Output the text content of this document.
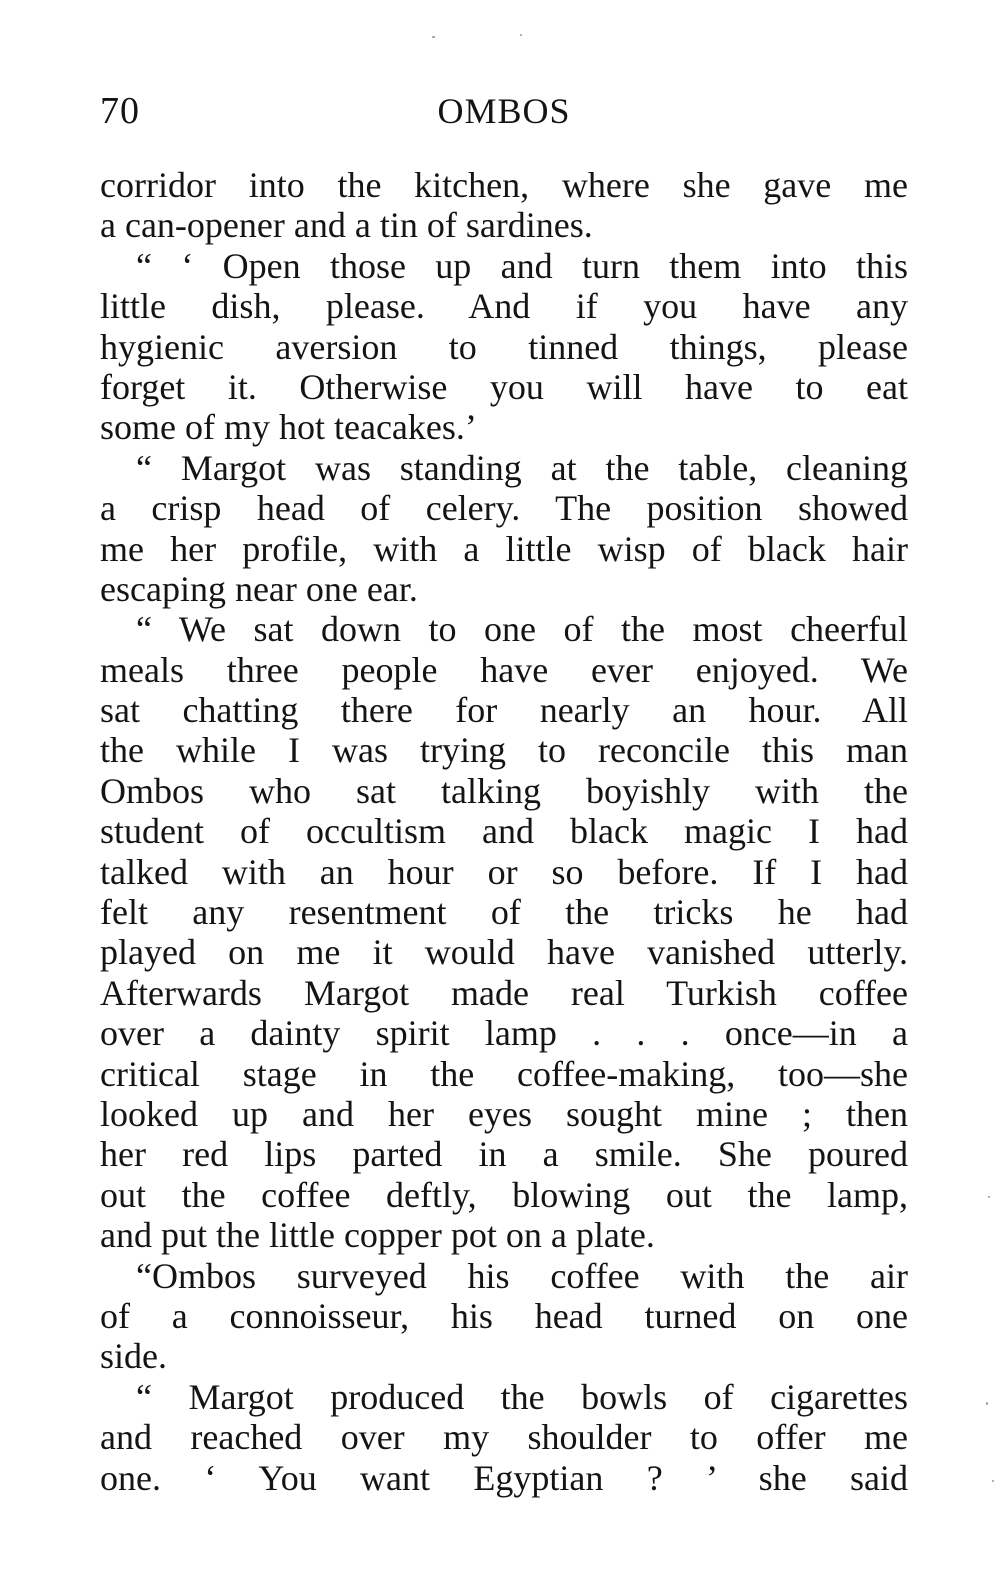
70	OMBOS
corridor into the kitchen, where she gave me
a can-opener and a tin of sardines.
“ ‘ Open those up and turn them into this
little dish, please. And if you have any
hygienic aversion to tinned things, please
forget it. Otherwise you will have to eat
some of my hot teacakes.’
“ Margot was standing at the table, cleaning
a crisp head of celery. The position showed
me her profile, with a little wisp of black hair
escaping near one ear.
“ We sat down to one of the most cheerful
meals three people have ever enjoyed. We
sat chatting there for nearly an hour. All
the while I was trying to reconcile this man
Ombos who sat talking boyishly with the
student of occultism and black magic I had
talked with an hour or so before. If I had
felt any resentment of the tricks he had
played on me it would have vanished utterly.
Afterwards Margot made real Turkish coffee
over a dainty spirit lamp . . . once—in a
critical stage in the coffee-making, too—she
looked up and her eyes sought mine ; then
her red lips parted in a smile. She poured
out the coffee deftly, blowing out the lamp,
and put the little copper pot on a plate.
“Ombos surveyed his coffee with the air
of a connoisseur, his head turned on one
side.
“ Margot produced the bowls of cigarettes
and reached over my shoulder to offer me
one. ‘ You want Egyptian ? ’ she said
